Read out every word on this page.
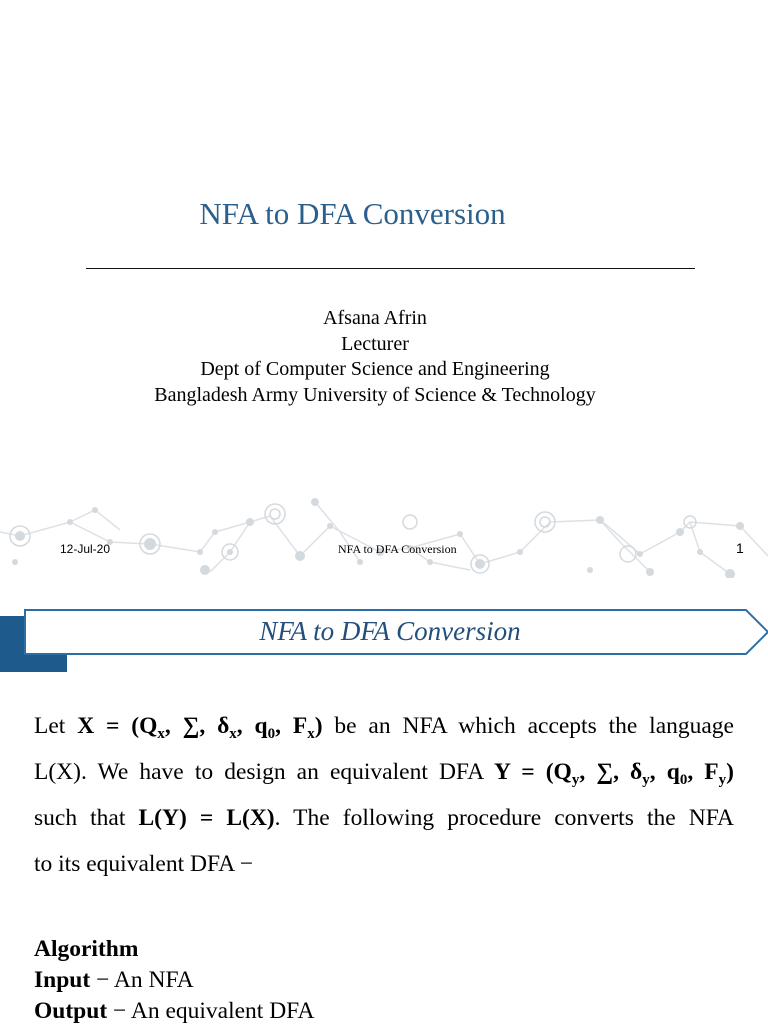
NFA to DFA Conversion
Afsana Afrin
Lecturer
Dept of Computer Science and Engineering
Bangladesh Army University of Science & Technology
12-Jul-20	NFA to DFA Conversion	1
NFA to DFA Conversion
Let $X = (Q_x$, ∑, $\delta_x$, $q_0$, $F_x$) be an NFA which accepts the language
L(X). We have to design an equivalent DFA $Y = (Q_y$, ∑, $\delta_y$, $q_0$, $F_y$)
such that L(Y) = L(X). The following procedure converts the NFA
to its equivalent DFA −
Algorithm
Input − An NFA
Output − An equivalent DFA
